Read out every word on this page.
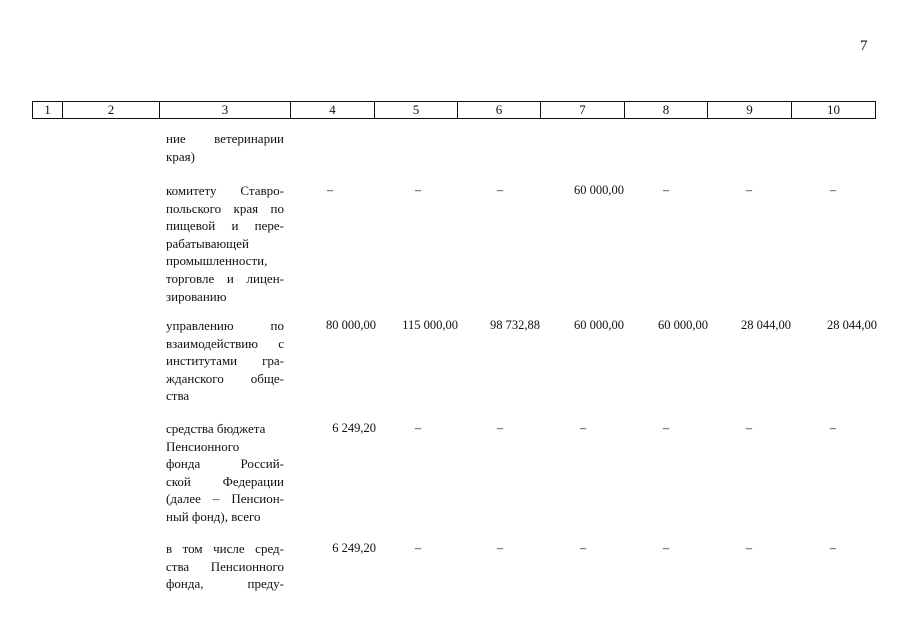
7
1	2	3	4	5	6	7	8	9	10
ние ветеринарии
края)
комитету Ставро-
польского края по
пищевой и пере-
рабатывающей
промышленности,
торговле и лицен-
зированию
–	–	–	60 000,00	–	–	–
управлению по
взаимодействию с
институтами гра-
жданского обще-
ства
80 000,00	115 000,00	98 732,88	60 000,00	60 000,00	28 044,00	28 044,00
средства бюджета
Пенсионного
фонда Россий-
ской Федерации
(далее – Пенсион-
ный фонд), всего
6 249,20	–	–	–	–	–	–
в том числе сред-
ства Пенсионного
фонда, преду-
6 249,20	–	–	–	–	–	–
